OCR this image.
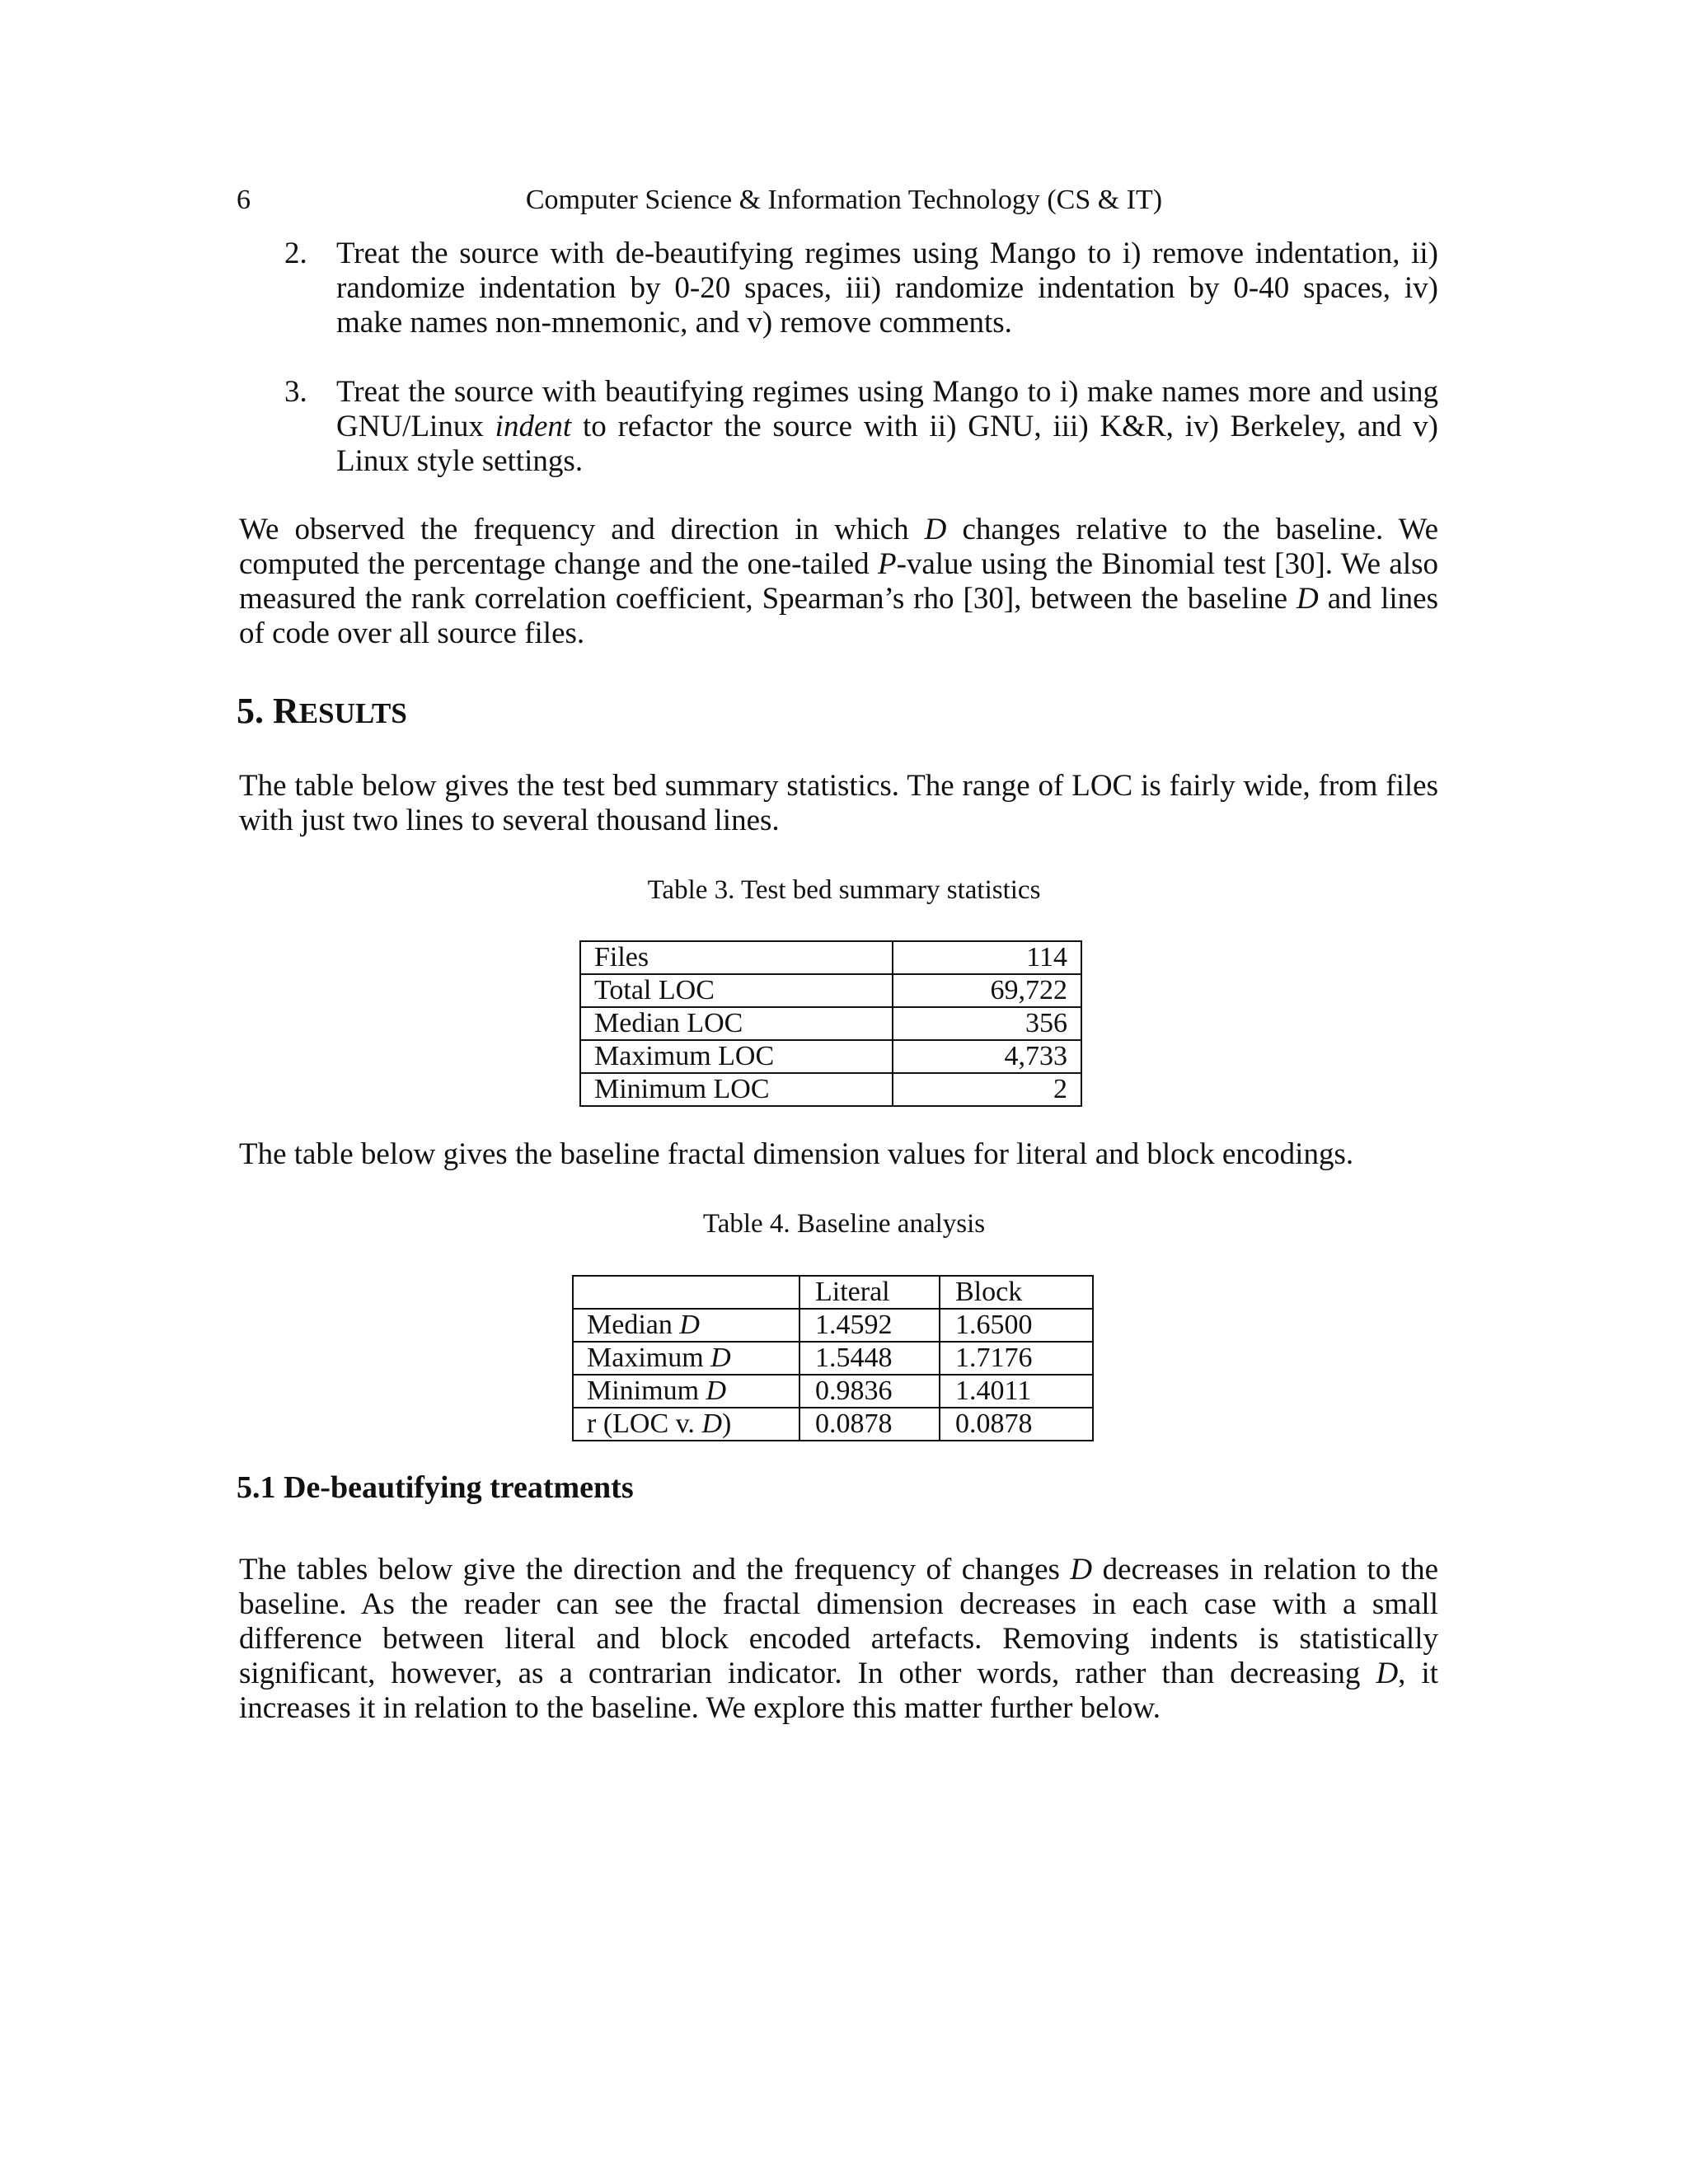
6	Computer Science & Information Technology (CS & IT)
2. Treat the source with de-beautifying regimes using Mango to i) remove indentation, ii) randomize indentation by 0-20 spaces, iii) randomize indentation by 0-40 spaces, iv) make names non-mnemonic, and v) remove comments.
3. Treat the source with beautifying regimes using Mango to i) make names more and using GNU/Linux indent to refactor the source with ii) GNU, iii) K&R, iv) Berkeley, and v) Linux style settings.
We observed the frequency and direction in which D changes relative to the baseline. We computed the percentage change and the one-tailed P-value using the Binomial test [30]. We also measured the rank correlation coefficient, Spearman’s rho [30], between the baseline D and lines of code over all source files.
5. RESULTS
The table below gives the test bed summary statistics. The range of LOC is fairly wide, from files with just two lines to several thousand lines.
Table 3. Test bed summary statistics
Files	114
Total LOC	69,722
Median LOC	356
Maximum LOC	4,733
Minimum LOC	2
The table below gives the baseline fractal dimension values for literal and block encodings.
Table 4. Baseline analysis
	Literal	Block
Median D	1.4592	1.6500
Maximum D	1.5448	1.7176
Minimum D	0.9836	1.4011
r (LOC v. D)	0.0878	0.0878
5.1 De-beautifying treatments
The tables below give the direction and the frequency of changes D decreases in relation to the baseline. As the reader can see the fractal dimension decreases in each case with a small difference between literal and block encoded artefacts. Removing indents is statistically significant, however, as a contrarian indicator. In other words, rather than decreasing D, it increases it in relation to the baseline. We explore this matter further below.
